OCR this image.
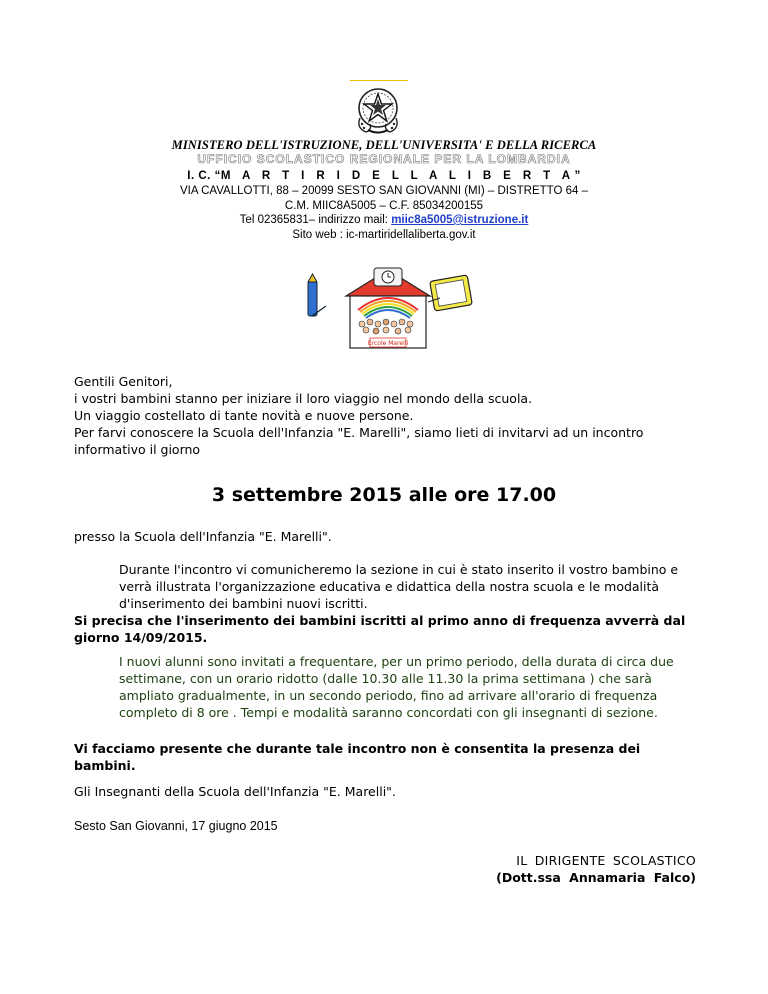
MINISTERO DELL'ISTRUZIONE, DELL'UNIVERSITA' E DELLA RICERCA
UFFICIO SCOLASTICO REGIONALE PER LA LOMBARDIA
I. C. “M A R T I R I D E L L A L I B E R T A”
VIA CAVALLOTTI, 88 – 20099 SESTO SAN GIOVANNI (MI) – DISTRETTO 64 –
C.M. MIIC8A5005 – C.F. 85034200155
Tel 02365831– indirizzo mail: miic8a5005@istruzione.it
Sito web : ic-martiridellaliberta.gov.it
Ercole Marelli
Gentili Genitori,
i vostri bambini stanno per iniziare il loro viaggio nel mondo della scuola.
Un viaggio costellato di tante novità e nuove persone.
Per farvi conoscere la Scuola dell'Infanzia "E. Marelli", siamo lieti di invitarvi ad un incontro
informativo il giorno
3 settembre 2015 alle ore 17.00
presso la Scuola dell'Infanzia "E. Marelli".
Durante l'incontro vi comunicheremo la sezione in cui è stato inserito il vostro bambino e verrà illustrata l'organizzazione educativa e didattica della nostra scuola e le modalità d'inserimento dei bambini nuovi iscritti.
Si precisa che l'inserimento dei bambini iscritti al primo anno di frequenza avverrà dal giorno 14/09/2015.
I nuovi alunni sono invitati a frequentare, per un primo periodo, della durata di circa due settimane, con un orario ridotto (dalle 10.30 alle 11.30 la prima settimana ) che sarà ampliato gradualmente, in un secondo periodo, fino ad arrivare all'orario di frequenza completo di 8 ore . Tempi e modalità saranno concordati con gli insegnanti di sezione.
Vi facciamo presente che durante tale incontro non è consentita la presenza dei bambini.
Gli Insegnanti della Scuola dell'Infanzia "E. Marelli".
Sesto San Giovanni, 17 giugno 2015
IL DIRIGENTE SCOLASTICO
(Dott.ssa Annamaria Falco)
